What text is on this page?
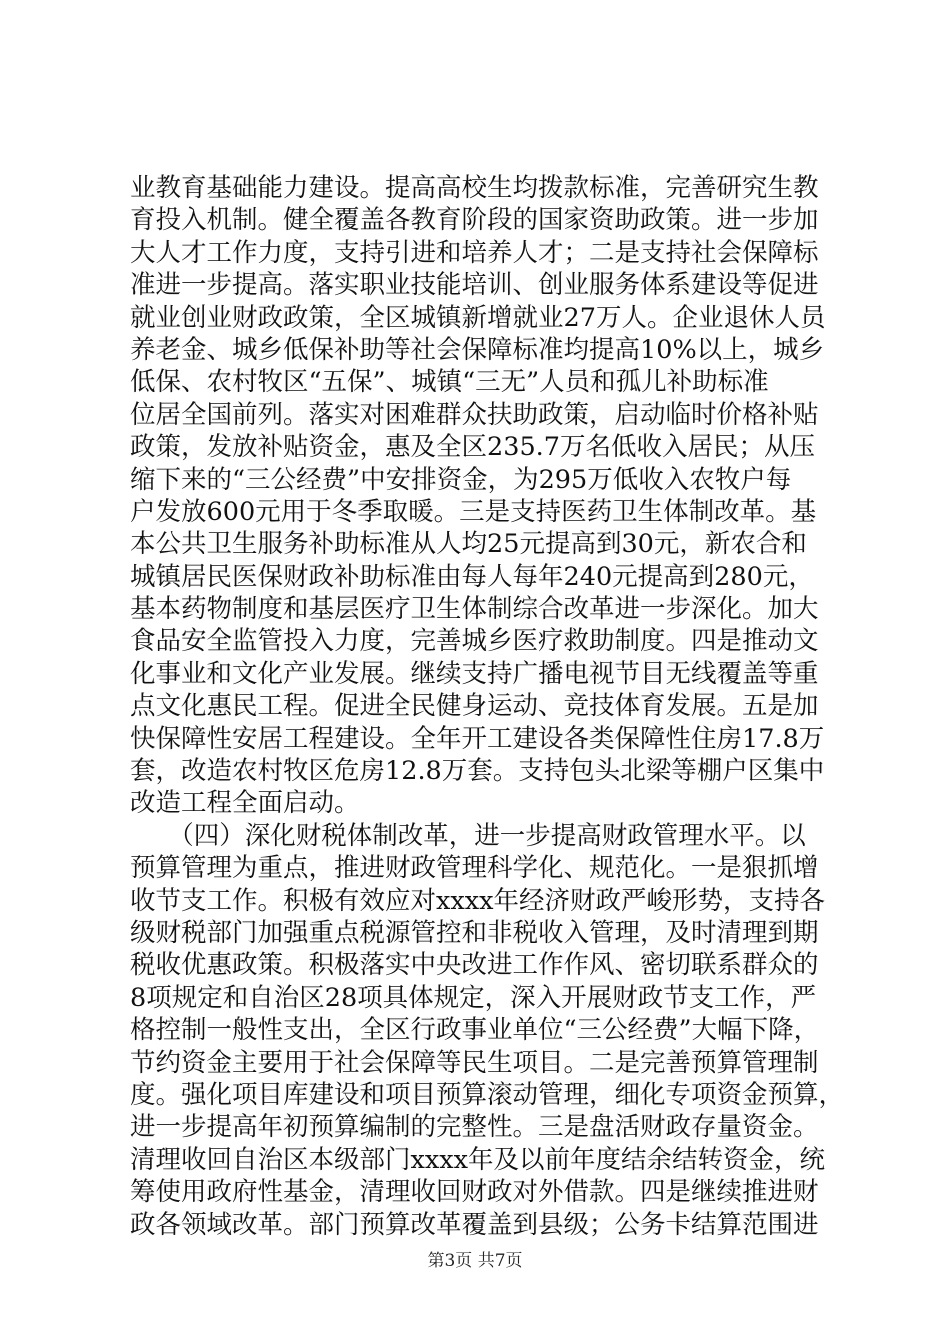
业教育基础能力建设。提高高校生均拨款标准，完善研究生教
育投入机制。健全覆盖各教育阶段的国家资助政策。进一步加
大人才工作力度，支持引进和培养人才；二是支持社会保障标
准进一步提高。落实职业技能培训、创业服务体系建设等促进
就业创业财政政策，全区城镇新增就业27万人。企业退休人员
养老金、城乡低保补助等社会保障标准均提高10%以上，城乡
低保、农村牧区“五保”、城镇“三无”人员和孤儿补助标准
位居全国前列。落实对困难群众扶助政策，启动临时价格补贴
政策，发放补贴资金，惠及全区235.7万名低收入居民；从压
缩下来的“三公经费”中安排资金，为295万低收入农牧户每
户发放600元用于冬季取暖。三是支持医药卫生体制改革。基
本公共卫生服务补助标准从人均25元提高到30元，新农合和
城镇居民医保财政补助标准由每人每年240元提高到280元，
基本药物制度和基层医疗卫生体制综合改革进一步深化。加大
食品安全监管投入力度，完善城乡医疗救助制度。四是推动文
化事业和文化产业发展。继续支持广播电视节目无线覆盖等重
点文化惠民工程。促进全民健身运动、竞技体育发展。五是加
快保障性安居工程建设。全年开工建设各类保障性住房17.8万
套，改造农村牧区危房12.8万套。支持包头北梁等棚户区集中
改造工程全面启动。
　　（四）深化财税体制改革，进一步提高财政管理水平。以
预算管理为重点，推进财政管理科学化、规范化。一是狠抓增
收节支工作。积极有效应对xxxx年经济财政严峻形势，支持各
级财税部门加强重点税源管控和非税收入管理，及时清理到期
税收优惠政策。积极落实中央改进工作作风、密切联系群众的
8项规定和自治区28项具体规定，深入开展财政节支工作，严
格控制一般性支出，全区行政事业单位“三公经费”大幅下降，
节约资金主要用于社会保障等民生项目。二是完善预算管理制
度。强化项目库建设和项目预算滚动管理，细化专项资金预算，
进一步提高年初预算编制的完整性。三是盘活财政存量资金。
清理收回自治区本级部门xxxx年及以前年度结余结转资金，统
筹使用政府性基金，清理收回财政对外借款。四是继续推进财
政各领域改革。部门预算改革覆盖到县级；公务卡结算范围进
第3页 共7页
